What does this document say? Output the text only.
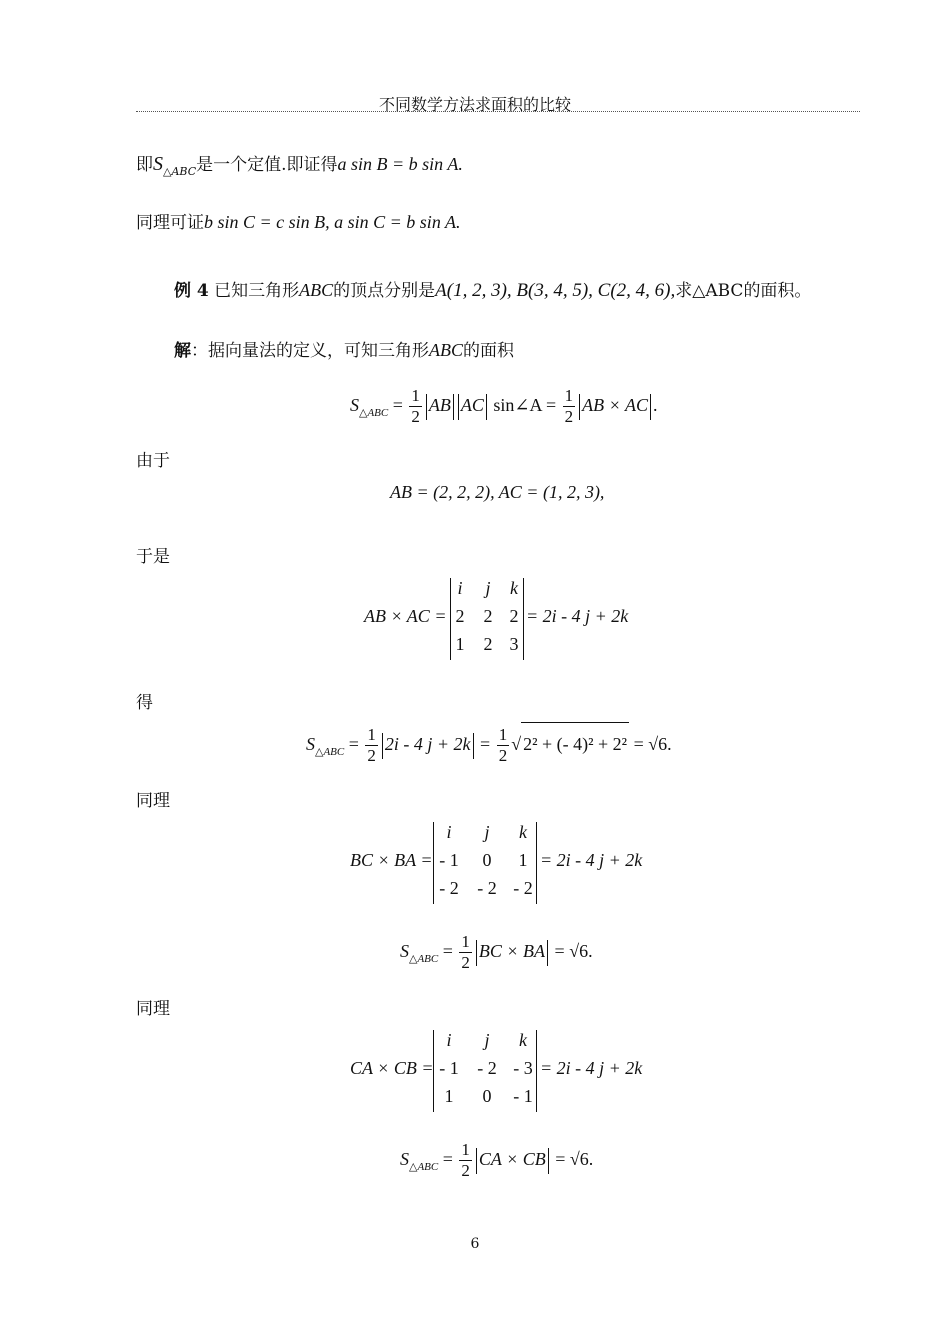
不同数学方法求面积的比较
即$S_{\triangle ABC}$是一个定值.即证得a sin B = b sin A.
同理可证b sin C = c sin B, a sin C = b sin A.
例 4 已知三角形ABC的顶点分别是A(1, 2, 3), B(3, 4, 5), C(2, 4, 6),求△ABC的面积。
解：据向量法的定义，可知三角形ABC的面积
$S_{\triangle ABC} = \frac{1}{2}$ AB AC sin∠A = $\frac{1}{2}$ AB × AC .
由于
AB = (2, 2, 2), AC = (1, 2, 3),
于是
AB × AC =
i	j	k
2	2 2
1	2 3
= 2i - 4 j + 2k
得
$S_{\triangle ABC} = \frac{1}{2} 2i - 4$ $j + 2k = \frac{1}{2}$ √ 2² + (- 4)² + 2² = √6.
同理
BC × BA =
i	j	k
- 1	0	1
- 2 - 2 - 2
= 2i - 4 j + 2k
$S_{\triangle ABC} = \frac{1}{2}$ BC × BA = √6.
同理
CA × CB =
i	j	k
- 1 - 2 - 3
1	0	- 1
= 2i - 4 j + 2k
$S_{\triangle ABC} = \frac{1}{2}$ CA × CB = √6.
6
